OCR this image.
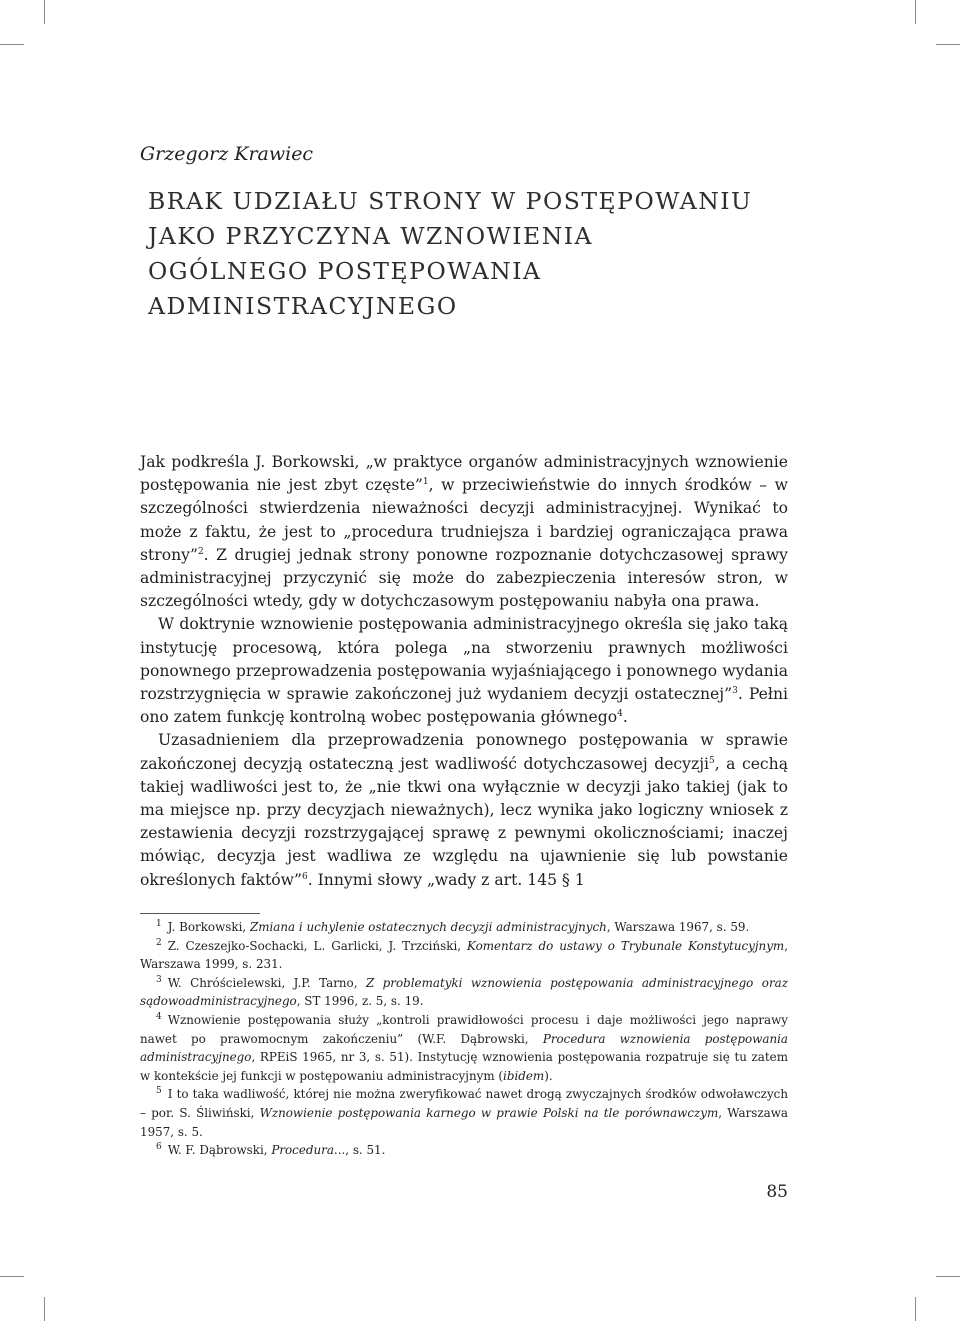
Grzegorz Krawiec
BRAK UDZIAŁU STRONY W POSTĘPOWANIU
JAKO PRZYCZYNA WZNOWIENIA
OGÓLNEGO POSTĘPOWANIA
ADMINISTRACYJNEGO

Jak podkreśla J. Borkowski, „w praktyce organów administracyjnych wznowienie postępowania nie jest zbyt częste”$^1$, w przeciwieństwie do innych środków – w szczególności stwierdzenia nieważności decyzji administracyjnej. Wynikać to może z faktu, że jest to „procedura trudniejsza i bardziej ograniczająca prawa strony”$^2$. Z drugiej jednak strony ponowne rozpoznanie dotychczasowej sprawy administracyjnej przyczynić się może do zabezpieczenia interesów stron, w szczególności wtedy, gdy w dotychczasowym postępowaniu nabyła ona prawa.

W doktrynie wznowienie postępowania administracyjnego określa się jako taką instytucję procesową, która polega „na stworzeniu prawnych możliwości ponownego przeprowadzenia postępowania wyjaśniającego i ponownego wydania rozstrzygnięcia w sprawie zakończonej już wydaniem decyzji ostatecznej”$^3$. Pełni ono zatem funkcję kontrolną wobec postępowania głównego$^4$.

Uzasadnieniem dla przeprowadzenia ponownego postępowania w sprawie zakończonej decyzją ostateczną jest wadliwość dotychczasowej decyzji$^5$, a cechą takiej wadliwości jest to, że „nie tkwi ona wyłącznie w decyzji jako takiej (jak to ma miejsce np. przy decyzjach nieważnych), lecz wynika jako logiczny wniosek z zestawienia decyzji rozstrzygającej sprawę z pewnymi okolicznościami; inaczej mówiąc, decyzja jest wadliwa ze względu na ujawnienie się lub powstanie określonych faktów”$^6$. Innymi słowy „wady z art. 145 § 1

$^1$ J. Borkowski, Zmiana i uchylenie ostatecznych decyzji administracyjnych, Warszawa 1967, s. 59.

$^2$ Z. Czeszejko-Sochacki, L. Garlicki, J. Trzciński, Komentarz do ustawy o Trybunale Konstytucyjnym, Warszawa 1999, s. 231.

$^3$ W. Chróścielewski, J.P. Tarno, Z problematyki wznowienia postępowania administracyjnego oraz sądowoadministracyjnego, ST 1996, z. 5, s. 19.

$^4$ Wznowienie postępowania służy „kontroli prawidłowości procesu i daje możliwości jego naprawy nawet po prawomocnym zakończeniu” (W.F. Dąbrowski, Procedura wznowienia postępowania administracyjnego, RPEiS 1965, nr 3, s. 51). Instytucję wznowienia postępowania rozpatruje się tu zatem w kontekście jej funkcji w postępowaniu administracyjnym (ibidem).

$^5$ I to taka wadliwość, której nie można zweryfikować nawet drogą zwyczajnych środków odwoławczych – por. S. Śliwiński, Wznowienie postępowania karnego w prawie Polski na tle porównawczym, Warszawa 1957, s. 5.

$^6$ W. F. Dąbrowski, Procedura..., s. 51.

85
